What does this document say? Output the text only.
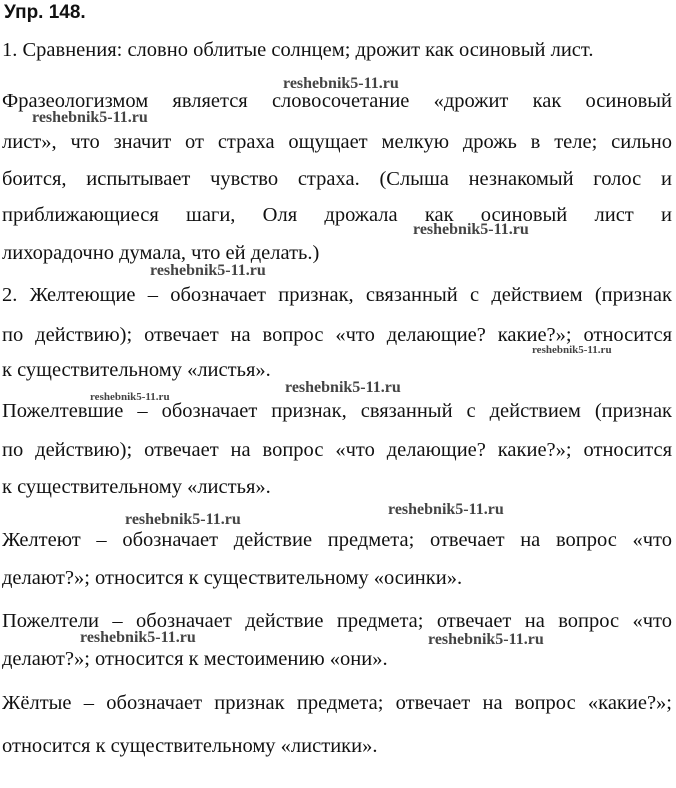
Упр. 148.
1. Сравнения: словно облитые солнцем; дрожит как осиновый лист.
Фразеологизмом является словосочетание «дрожит как осиновый
лист», что значит от страха ощущает мелкую дрожь в теле; сильно
боится, испытывает чувство страха. (Слыша незнакомый голос и
приближающиеся шаги, Оля дрожала как осиновый лист и
лихорадочно думала, что ей делать.)
2. Желтеющие – обозначает признак, связанный с действием (признак
по действию); отвечает на вопрос «что делающие? какие?»; относится
к существительному «листья».
Пожелтевшие – обозначает признак, связанный с действием (признак
по действию); отвечает на вопрос «что делающие? какие?»; относится
к существительному «листья».
Желтеют – обозначает действие предмета; отвечает на вопрос «что
делают?»; относится к существительному «осинки».
Пожелтели – обозначает действие предмета; отвечает на вопрос «что
делают?»; относится к местоимению «они».
Жёлтые – обозначает признак предмета; отвечает на вопрос «какие?»;
относится к существительному «листики».
reshebnik5-11.ru
reshebnik5-11.ru
reshebnik5-11.ru
reshebnik5-11.ru
reshebnik5-11.ru
reshebnik5-11.ru
reshebnik5-11.ru
reshebnik5-11.ru
reshebnik5-11.ru
reshebnik5-11.ru	reshebnik5-11.ru
